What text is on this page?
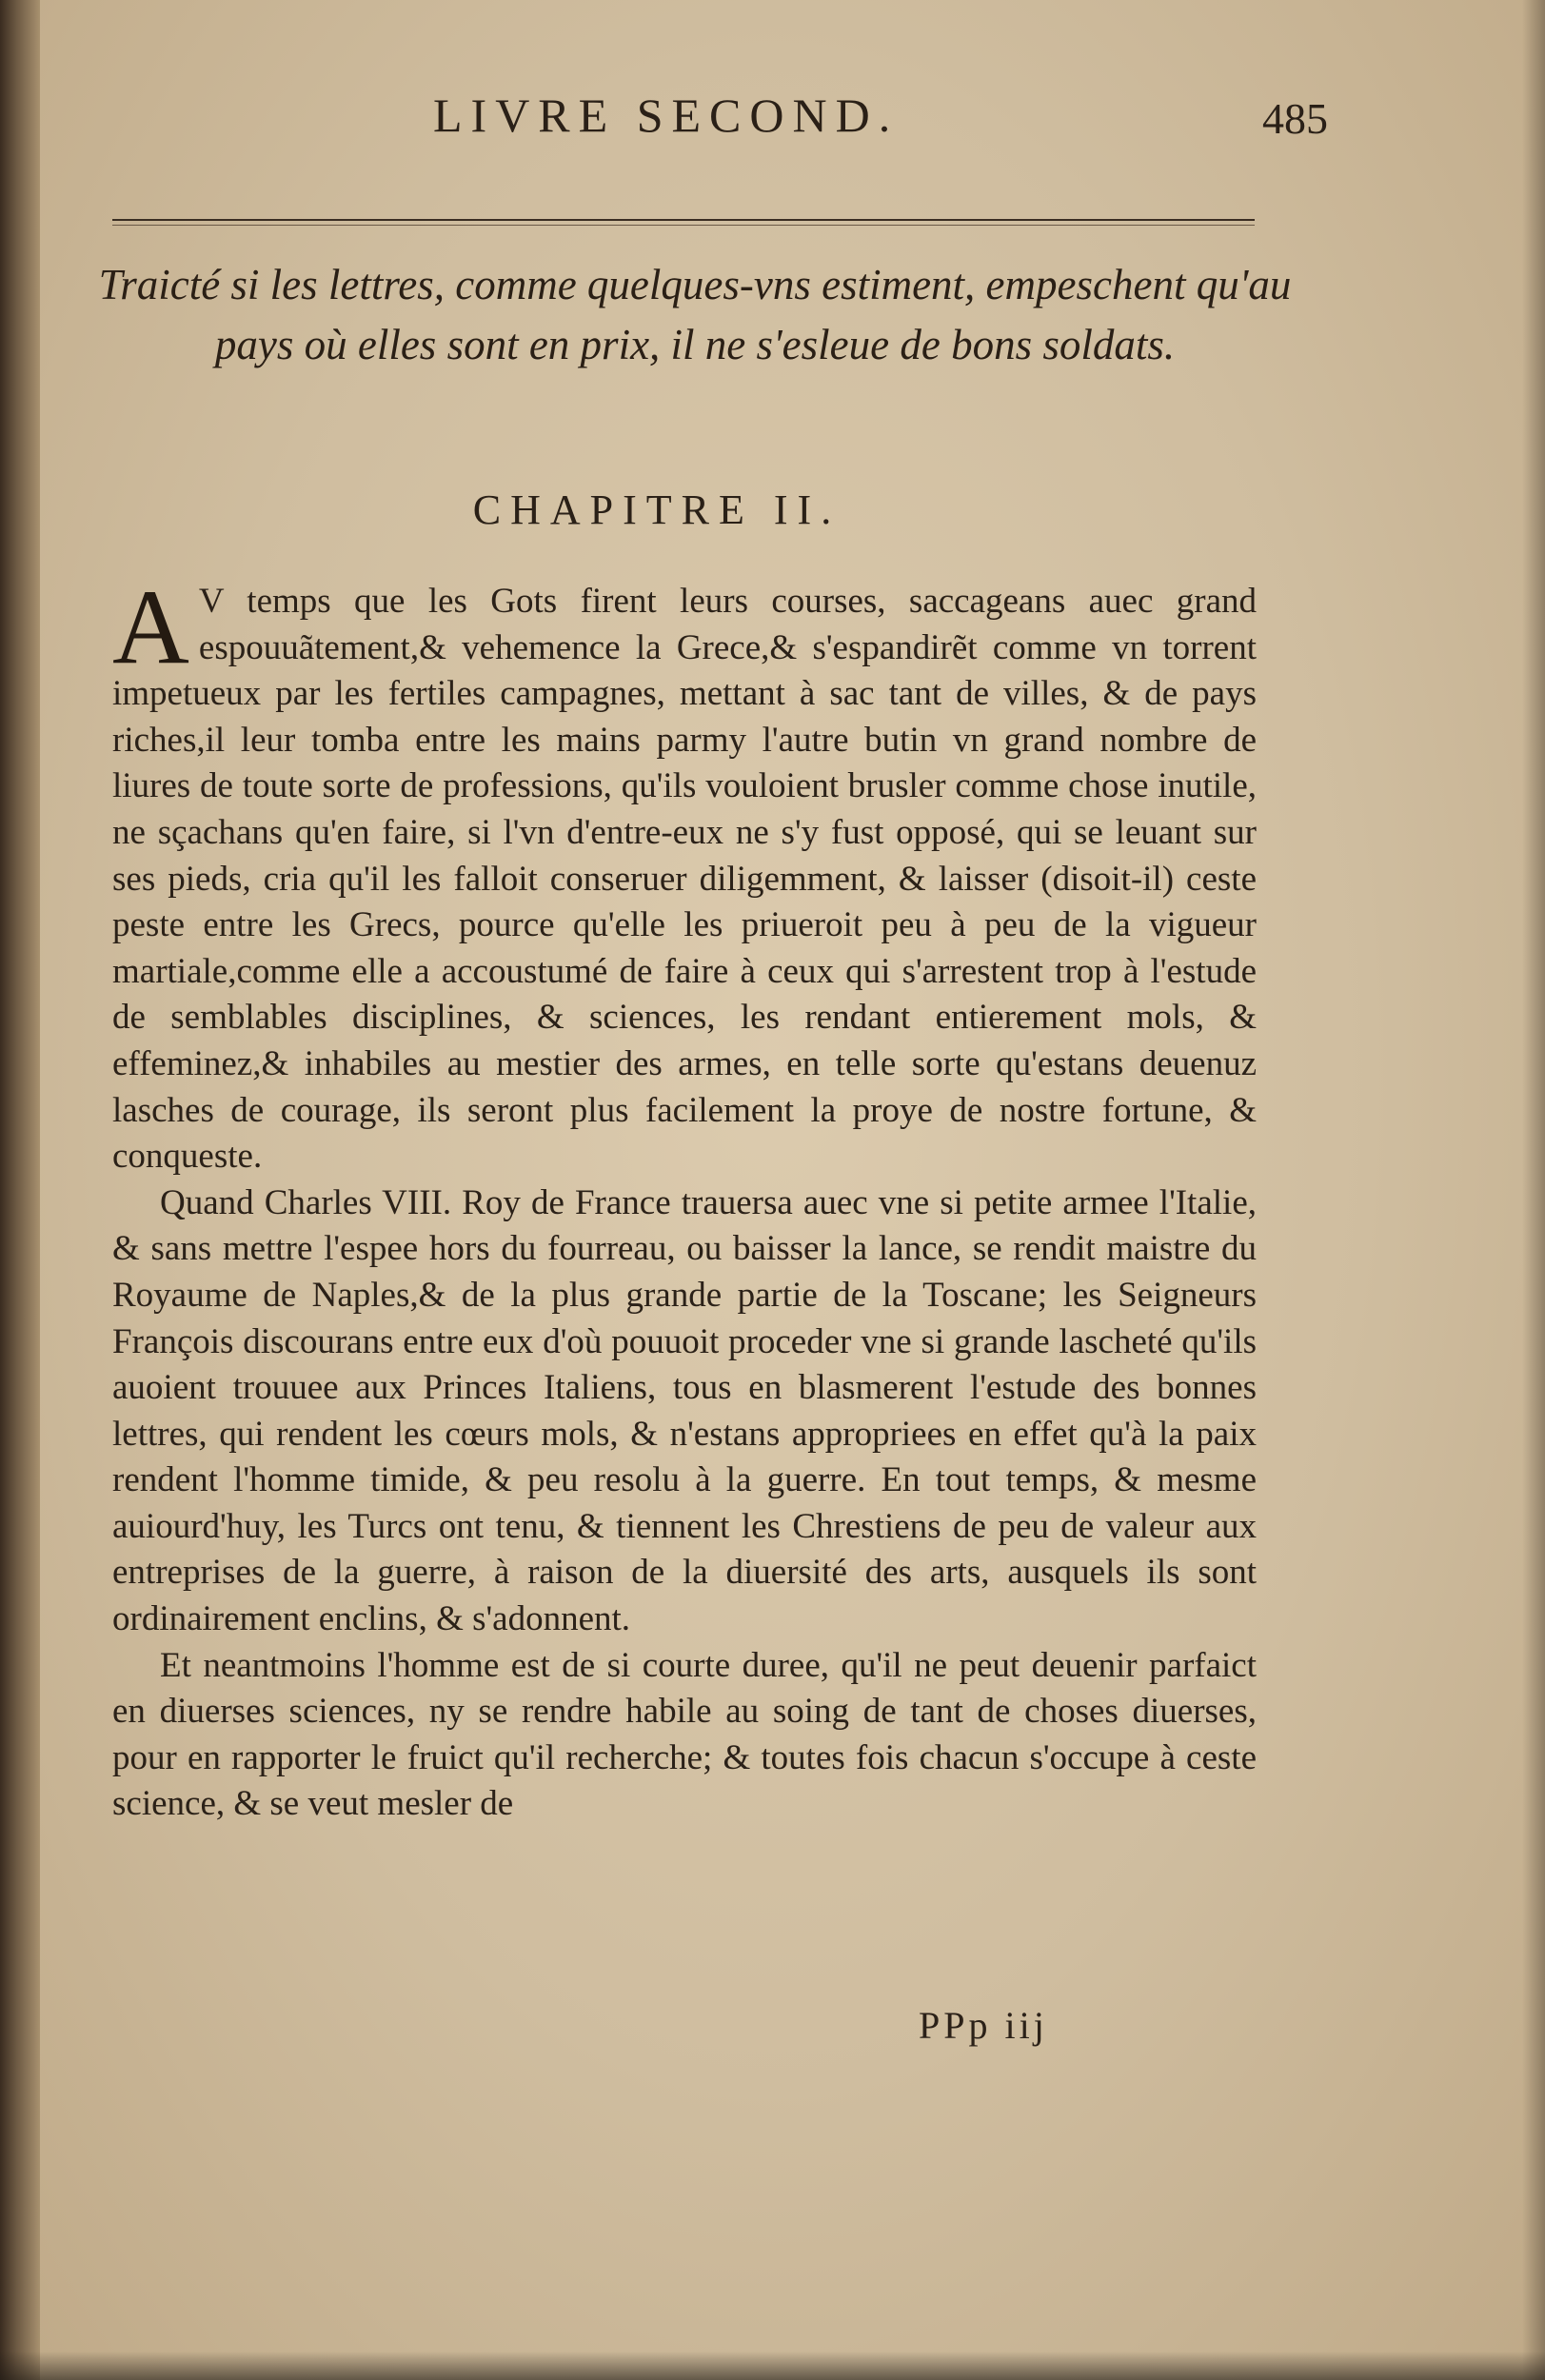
LIVRE SECOND.	485
Traicté si les lettres, comme quelques-vns estiment, empeschent qu'au pays où elles sont en prix, il ne s'esleue de bons soldats.
CHAPITRE II.

A V temps que les Gots firent leurs courses, saccageans auec grand espouuãtement,& vehemence la Grece,& s'espandirẽt comme vn torrent impetueux par les fertiles campagnes, mettant à sac tant de villes, & de pays riches,il leur tomba entre les mains parmy l'autre butin vn grand nombre de liures de toute sorte de professions, qu'ils vouloient brusler comme chose inutile, ne sçachans qu'en faire, si l'vn d'entre-eux ne s'y fust opposé, qui se leuant sur ses pieds, cria qu'il les falloit conseruer diligemment, & laisser (disoit-il) ceste peste entre les Grecs, pource qu'elle les priueroit peu à peu de la vigueur martiale,comme elle a accoustumé de faire à ceux qui s'arrestent trop à l'estude de semblables disciplines, & sciences, les rendant entierement mols, & effeminez,& inhabiles au mestier des armes, en telle sorte qu'estans deuenuz lasches de courage, ils seront plus facilement la proye de nostre fortune, & conqueste.

Quand Charles VIII. Roy de France trauersa auec vne si petite armee l'Italie, & sans mettre l'espee hors du fourreau, ou baisser la lance, se rendit maistre du Royaume de Naples,& de la plus grande partie de la Toscane; les Seigneurs François discourans entre eux d'où pouuoit proceder vne si grande lascheté qu'ils auoient trouuee aux Princes Italiens, tous en blasmerent l'estude des bonnes lettres, qui rendent les cœurs mols, & n'estans appropriees en effet qu'à la paix rendent l'homme timide, & peu resolu à la guerre. En tout temps, & mesme auiourd'huy, les Turcs ont tenu, & tiennent les Chrestiens de peu de valeur aux entreprises de la guerre, à raison de la diuersité des arts, ausquels ils sont ordinairement enclins, & s'adonnent.

Et neantmoins l'homme est de si courte duree, qu'il ne peut deuenir parfaict en diuerses sciences, ny se rendre habile au soing de tant de choses diuerses, pour en rapporter le fruict qu'il recherche; & toutes fois chacun s'occupe à ceste science, & se veut mesler de

PPp iij
